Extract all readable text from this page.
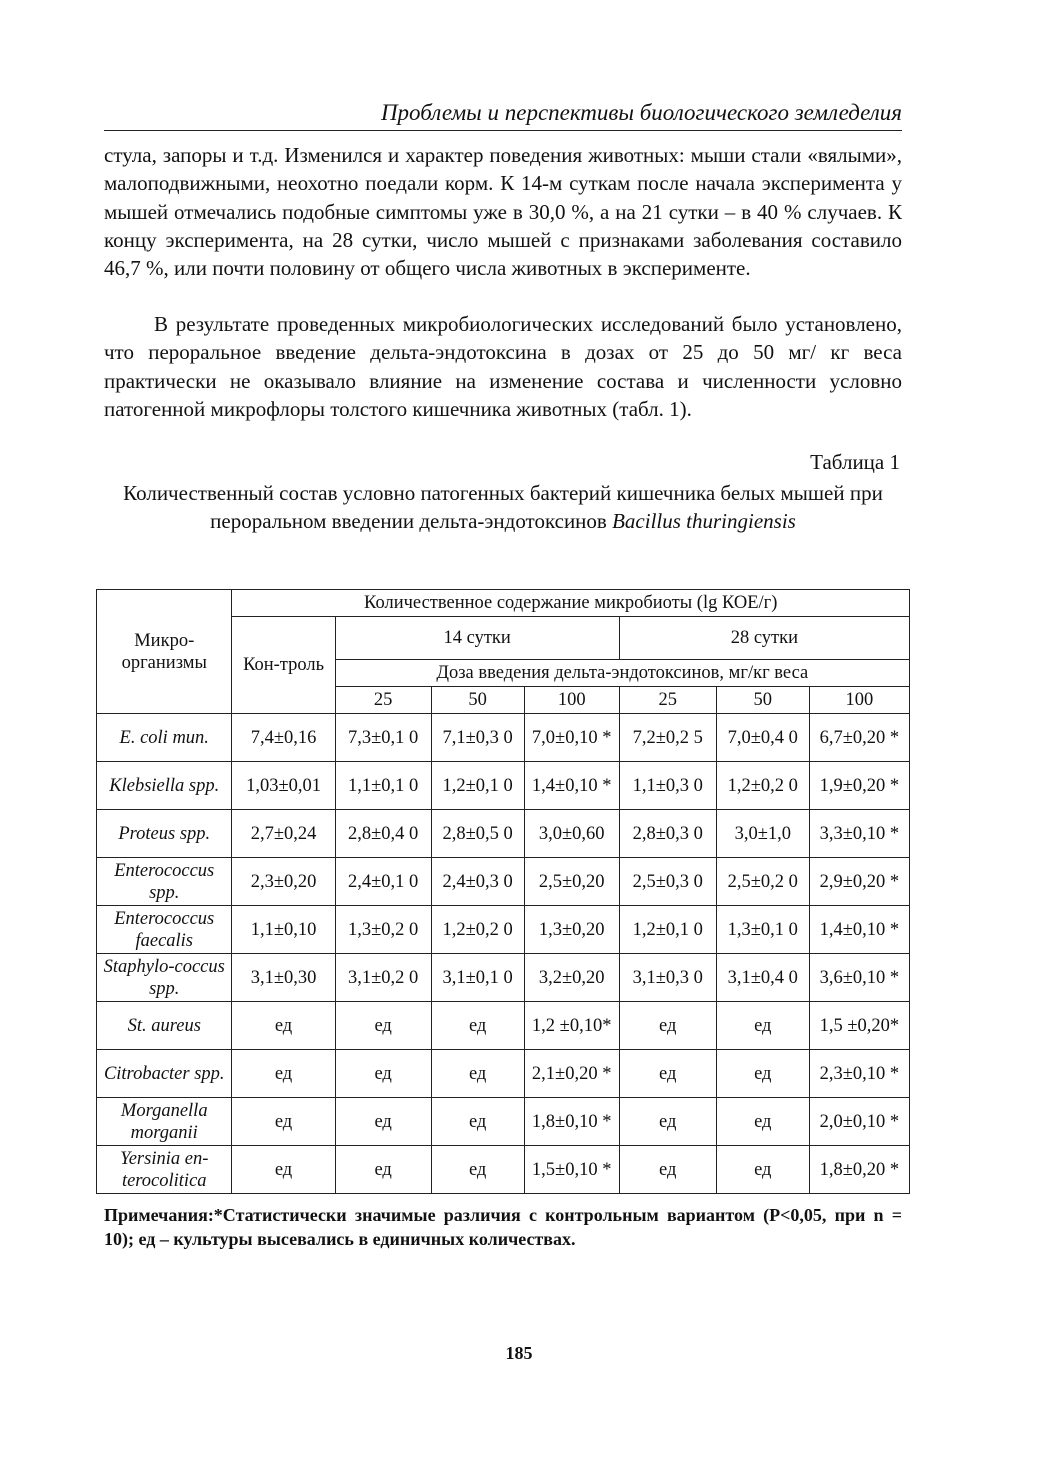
Проблемы и перспективы биологического земледелия
стула, запоры и т.д. Изменился и характер поведения животных: мыши стали «вялыми», малоподвижными, неохотно поедали корм. К 14-м суткам после начала эксперимента у мышей отмечались подобные симптомы уже в 30,0 %, а на 21 сутки – в 40 % случаев. К концу эксперимента, на 28 сутки, число мышей с признаками заболевания составило 46,7 %, или почти половину от общего числа животных в эксперименте.
В результате проведенных микробиологических исследований было установлено, что пероральное введение дельта-эндотоксина в дозах от 25 до 50 мг/ кг веса практически не оказывало влияние на изменение состава и численности условно патогенной микрофлоры толстого кишечника животных (табл. 1).
Таблица 1
Количественный состав условно патогенных бактерий кишечника белых мышей при пероральном введении дельта-эндотоксинов Bacillus thuringiensis
Микро-организмы	Количественное содержание микробиоты (lg КОЕ/г)						
	Кон-троль	14 сутки			28 сутки		
		Доза введения дельта-эндотоксинов, мг/кг веса					
		25	50	100	25	50	100
E. coli тип.	7,4±0,16	7,3±0,1 0	7,1±0,3 0	7,0±0,10 *	7,2±0,2 5	7,0±0,4 0	6,7±0,20 *
Klebsiella spp.	1,03±0,01	1,1±0,1 0	1,2±0,1 0	1,4±0,10 *	1,1±0,3 0	1,2±0,2 0	1,9±0,20 *
Proteus spp.	2,7±0,24	2,8±0,4 0	2,8±0,5 0	3,0±0,60	2,8±0,3 0	3,0±1,0	3,3±0,10 *
Enterococcus spp.	2,3±0,20	2,4±0,1 0	2,4±0,3 0	2,5±0,20	2,5±0,3 0	2,5±0,2 0	2,9±0,20 *
Enterococcus faecalis	1,1±0,10	1,3±0,2 0	1,2±0,2 0	1,3±0,20	1,2±0,1 0	1,3±0,1 0	1,4±0,10 *
Staphylo-coccus spp.	3,1±0,30	3,1±0,2 0	3,1±0,1 0	3,2±0,20	3,1±0,3 0	3,1±0,4 0	3,6±0,10 *
St. aureus	ед	ед	ед	1,2 ±0,10*	ед	ед	1,5 ±0,20*
Citrobacter spp.	ед	ед	ед	2,1±0,20 *	ед	ед	2,3±0,10 *
Morganella morganii	ед	ед	ед	1,8±0,10 *	ед	ед	2,0±0,10 *
Yersinia en-terocolitica	ед	ед	ед	1,5±0,10 *	ед	ед	1,8±0,20 *
Примечания:*Статистически значимые различия с контрольным вариантом (P<0,05, при n = 10); ед – культуры высевались в единичных количествах.
185
